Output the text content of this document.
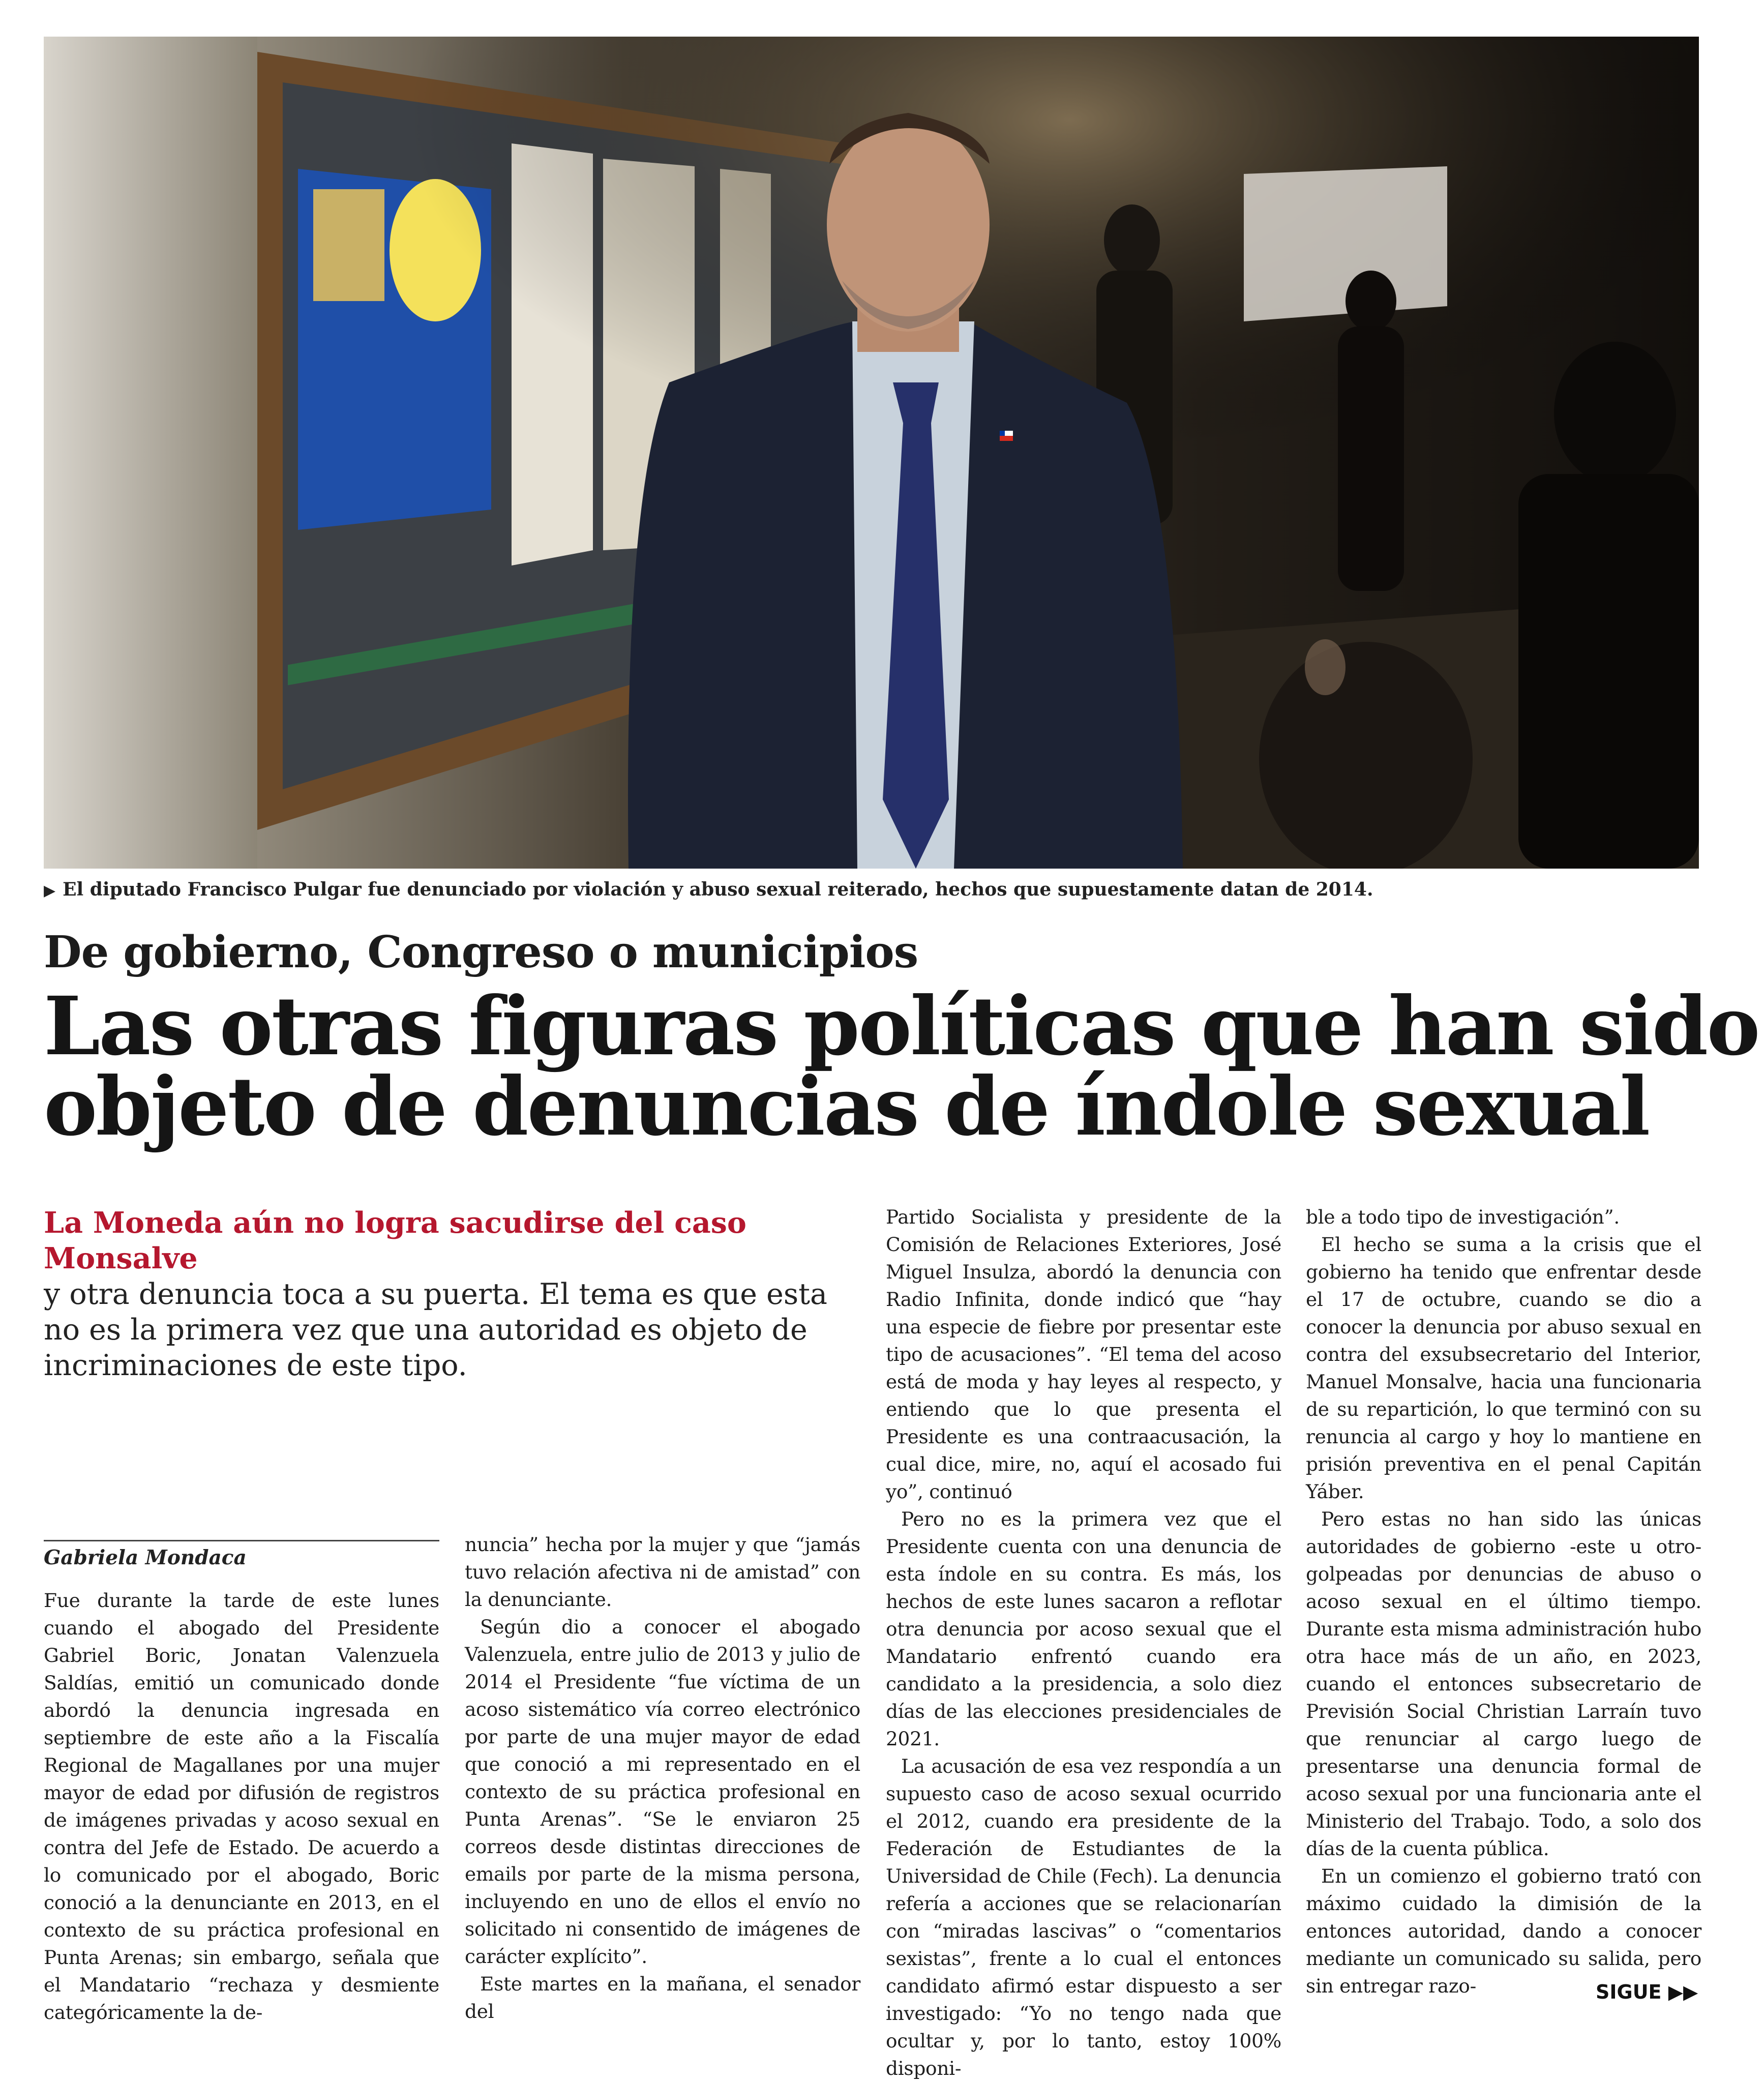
▶ El diputado Francisco Pulgar fue denunciado por violación y abuso sexual reiterado, hechos que supuestamente datan de 2014.
De gobierno, Congreso o municipios
Las otras figuras políticas que han sido
objeto de denuncias de índole sexual
La Moneda aún no logra sacudirse del caso Monsalve
y otra denuncia toca a su puerta. El tema es que esta no es la primera vez que una autoridad es objeto de incriminaciones de este tipo.
Gabriela Mondaca

Fue durante la tarde de este lunes cuando el abogado del Presidente Gabriel Boric, Jonatan Valenzuela Saldías, emitió un comunicado donde abordó la denuncia ingresada en septiembre de este año a la Fiscalía Regional de Magallanes por una mujer mayor de edad por difusión de registros de imágenes privadas y acoso sexual en contra del Jefe de Estado. De acuerdo a lo comunicado por el abogado, Boric conoció a la denunciante en 2013, en el contexto de su práctica profesional en Punta Arenas; sin embargo, señala que el Mandatario “rechaza y desmiente categóricamente la de-

nuncia” hecha por la mujer y que “jamás tuvo relación afectiva ni de amistad” con la denunciante.

Según dio a conocer el abogado Valenzuela, entre julio de 2013 y julio de 2014 el Presidente “fue víctima de un acoso sistemático vía correo electrónico por parte de una mujer mayor de edad que conoció a mi representado en el contexto de su práctica profesional en Punta Arenas”. “Se le enviaron 25 correos desde distintas direcciones de emails por parte de la misma persona, incluyendo en uno de ellos el envío no solicitado ni consentido de imágenes de carácter explícito”.

Este martes en la mañana, el senador del

Partido Socialista y presidente de la Comisión de Relaciones Exteriores, José Miguel Insulza, abordó la denuncia con Radio Infinita, donde indicó que “hay una especie de fiebre por presentar este tipo de acusaciones”. “El tema del acoso está de moda y hay leyes al respecto, y entiendo que lo que presenta el Presidente es una contraacusación, la cual dice, mire, no, aquí el acosado fui yo”, continuó

Pero no es la primera vez que el Presidente cuenta con una denuncia de esta índole en su contra. Es más, los hechos de este lunes sacaron a reflotar otra denuncia por acoso sexual que el Mandatario enfrentó cuando era candidato a la presidencia, a solo diez días de las elecciones presidenciales de 2021.

La acusación de esa vez respondía a un supuesto caso de acoso sexual ocurrido el 2012, cuando era presidente de la Federación de Estudiantes de la Universidad de Chile (Fech). La denuncia refería a acciones que se relacionarían con “miradas lascivas” o “comentarios sexistas”, frente a lo cual el entonces candidato afirmó estar dispuesto a ser investigado: “Yo no tengo nada que ocultar y, por lo tanto, estoy 100% disponi-

ble a todo tipo de investigación”.

El hecho se suma a la crisis que el gobierno ha tenido que enfrentar desde el 17 de octubre, cuando se dio a conocer la denuncia por abuso sexual en contra del exsubsecretario del Interior, Manuel Monsalve, hacia una funcionaria de su repartición, lo que terminó con su renuncia al cargo y hoy lo mantiene en prisión preventiva en el penal Capitán Yáber.

Pero estas no han sido las únicas autoridades de gobierno -este u otro- golpeadas por denuncias de abuso o acoso sexual en el último tiempo. Durante esta misma administración hubo otra hace más de un año, en 2023, cuando el entonces subsecretario de Previsión Social Christian Larraín tuvo que renunciar al cargo luego de presentarse una denuncia formal de acoso sexual por una funcionaria ante el Ministerio del Trabajo. Todo, a solo dos días de la cuenta pública.

En un comienzo el gobierno trató con máximo cuidado la dimisión de la entonces autoridad, dando a conocer mediante un comunicado su salida, pero sin entregar razo-	SIGUE ▶▶
